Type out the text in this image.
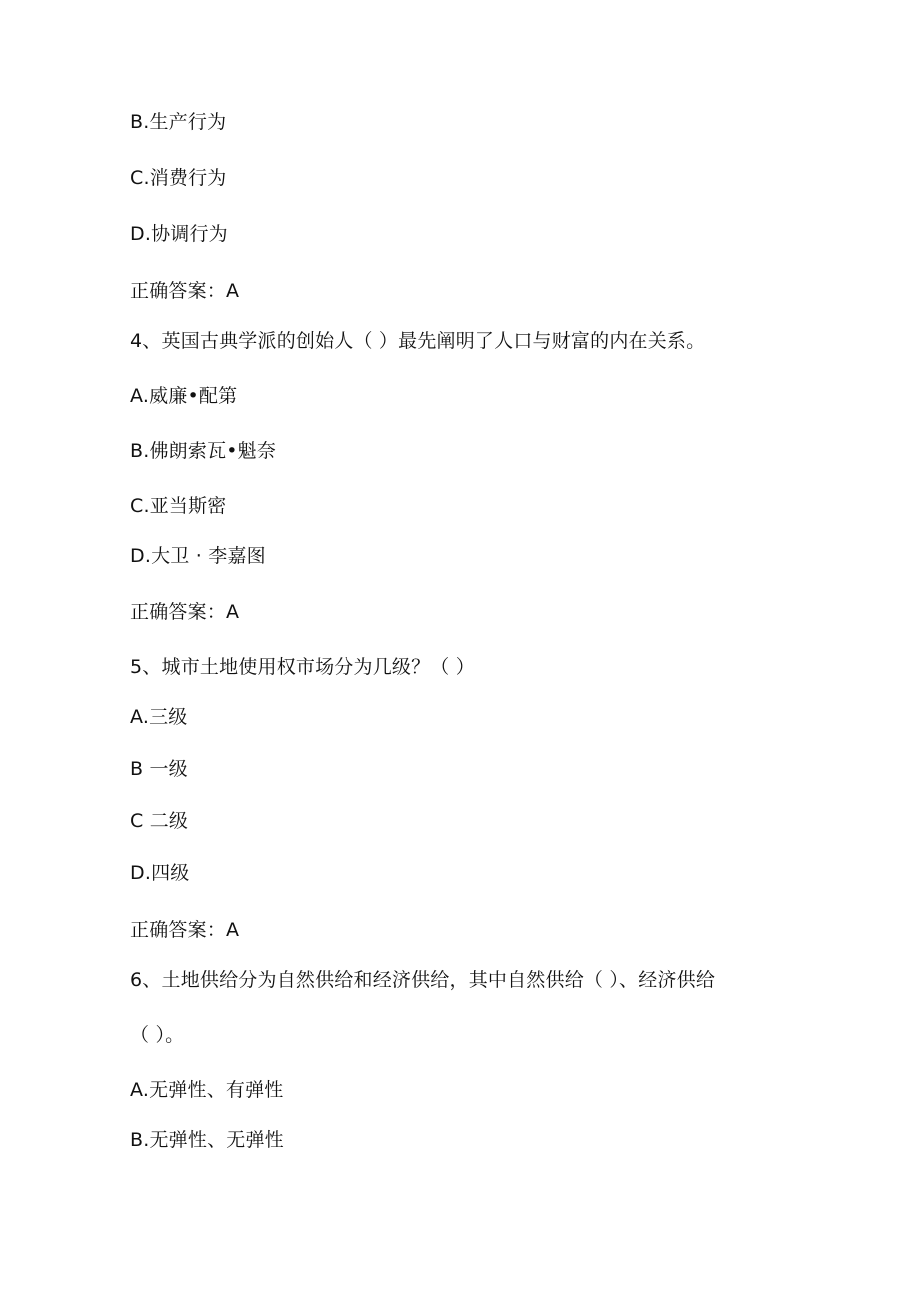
B.生产行为
C.消费行为
D.协调行为
正确答案：A
4、英国古典学派的创始人（ ）最先阐明了人口与财富的内在关系。
A.威廉•配第
B.佛朗索瓦•魁奈
C.亚当斯密
D.大卫 · 李嘉图
正确答案：A
5、城市土地使用权市场分为几级？（ ）
A.三级
B 一级
C 二级
D.四级
正确答案：A
6、土地供给分为自然供给和经济供给，其中自然供给（ ）、经济供给
（ ）。
A.无弹性、有弹性
B.无弹性、无弹性
